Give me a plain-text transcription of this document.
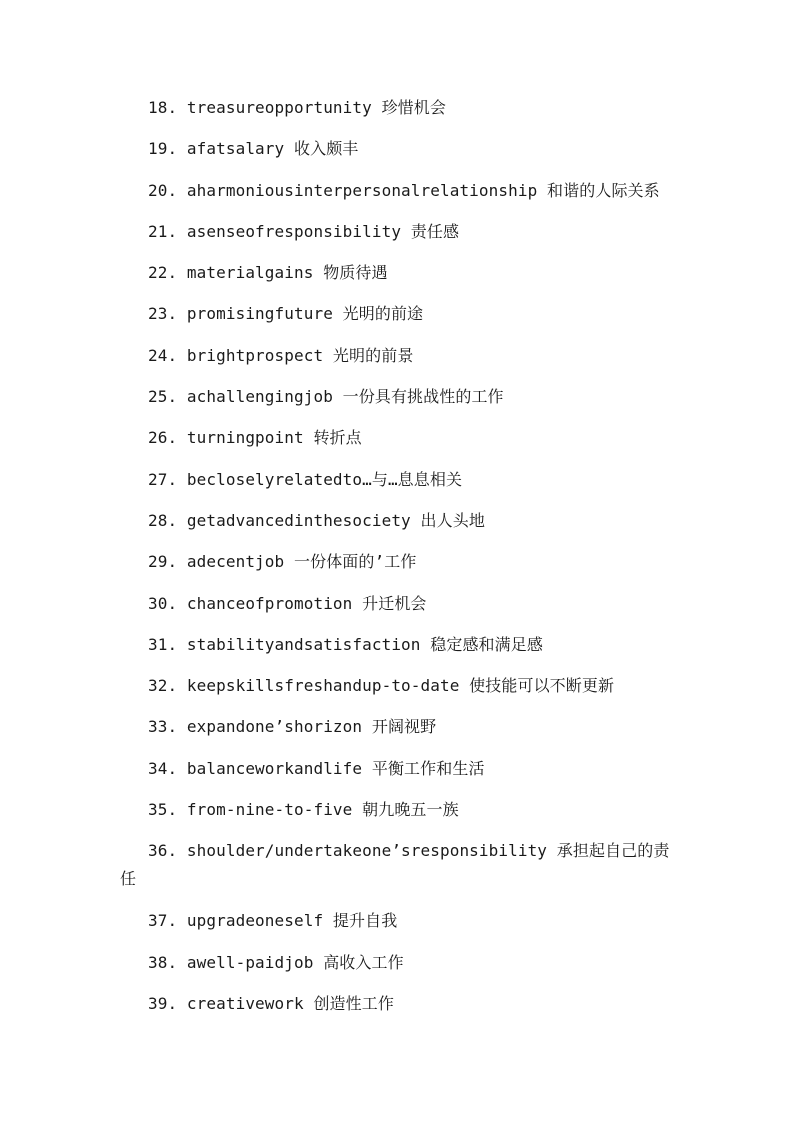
18. treasureopportunity 珍惜机会
19. afatsalary 收入颇丰
20. aharmoniousinterpersonalrelationship 和谐的人际关系
21. asenseofresponsibility 责任感
22. materialgains 物质待遇
23. promisingfuture 光明的前途
24. brightprospect 光明的前景
25. achallengingjob 一份具有挑战性的工作
26. turningpoint 转折点
27. becloselyrelatedto…与…息息相关
28. getadvancedinthesociety 出人头地
29. adecentjob 一份体面的’工作
30. chanceofpromotion 升迁机会
31. stabilityandsatisfaction 稳定感和满足感
32. keepskillsfreshandup-to-date 使技能可以不断更新
33. expandone’shorizon 开阔视野
34. balanceworkandlife 平衡工作和生活
35. from-nine-to-five 朝九晚五一族
36. shoulder/undertakeone’sresponsibility 承担起自己的责任
37. upgradeoneself 提升自我
38. awell-paidjob 高收入工作
39. creativework 创造性工作
